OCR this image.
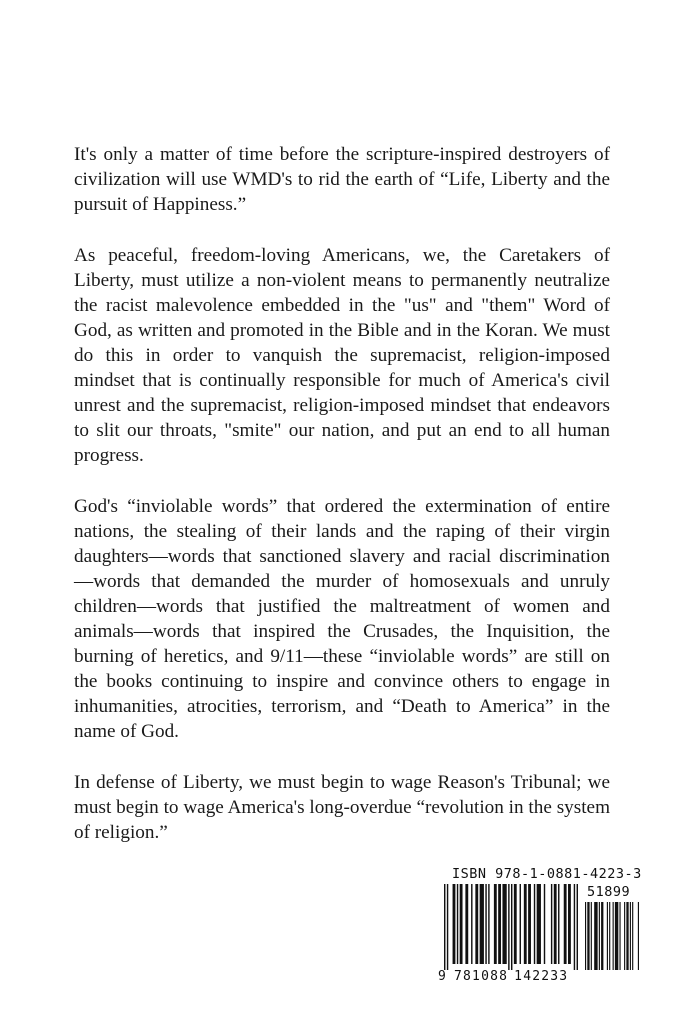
It's only a matter of time before the scripture-inspired destroyers of civilization will use WMD's to rid the earth of “Life, Liberty and the pursuit of Happiness.”

As peaceful, freedom-loving Americans, we, the Caretakers of Liberty, must utilize a non-violent means to permanently neutralize the racist malevolence embedded in the "us" and "them" Word of God, as written and promoted in the Bible and in the Koran. We must do this in order to vanquish the supremacist, religion-imposed mindset that is continually responsible for much of America's civil unrest and the supremacist, religion-imposed mindset that endeavors to slit our throats, "smite" our nation, and put an end to all human progress.

God's “inviolable words” that ordered the extermination of entire nations, the stealing of their lands and the raping of their virgin daughters—words that sanctioned slavery and racial discrimination —words that demanded the murder of homosexuals and unruly children—words that justified the maltreatment of women and animals—words that inspired the Crusades, the Inquisition, the burning of heretics, and 9/11—these “inviolable words” are still on the books continuing to inspire and convince others to engage in inhumanities, atrocities, terrorism, and “Death to America” in the name of God.

In defense of Liberty, we must begin to wage Reason's Tribunal; we must begin to wage America's long-overdue “revolution in the system of religion.”

ISBN 978-1-0881-4223-3
51899
9 781088 142233
